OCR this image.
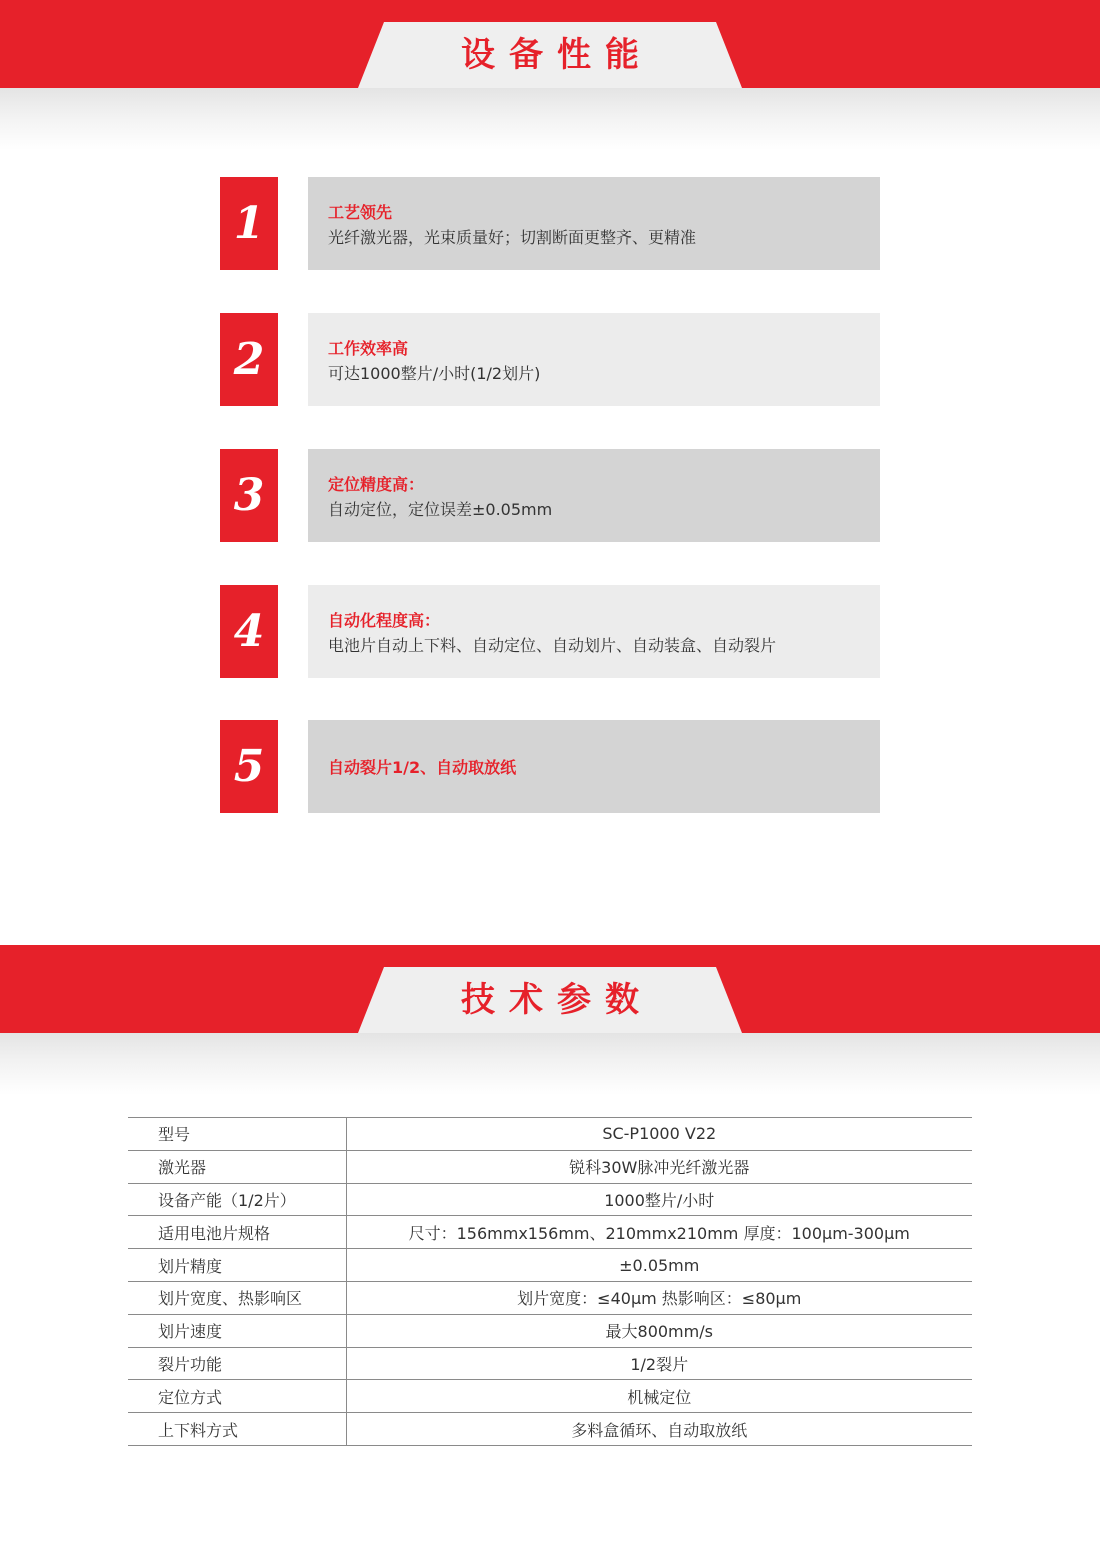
设备性能
1	工艺领先
光纤激光器，光束质量好；切割断面更整齐、更精准
2	工作效率高
可达1000整片/小时(1/2划片)
3	定位精度高：
自动定位，定位误差±0.05mm
4	自动化程度高：
电池片自动上下料、自动定位、自动划片、自动装盒、自动裂片
5	自动裂片1/2、自动取放纸
技术参数
型号	SC-P1000 V22
激光器	锐科30W脉冲光纤激光器
设备产能（1/2片）	1000整片/小时
适用电池片规格	尺寸：156mmx156mm、210mmx210mm 厚度：100μm-300μm
划片精度	±0.05mm
划片宽度、热影响区	划片宽度：≤40μm 热影响区：≤80μm
划片速度	最大800mm/s
裂片功能	1/2裂片
定位方式	机械定位
上下料方式	多料盒循环、自动取放纸
